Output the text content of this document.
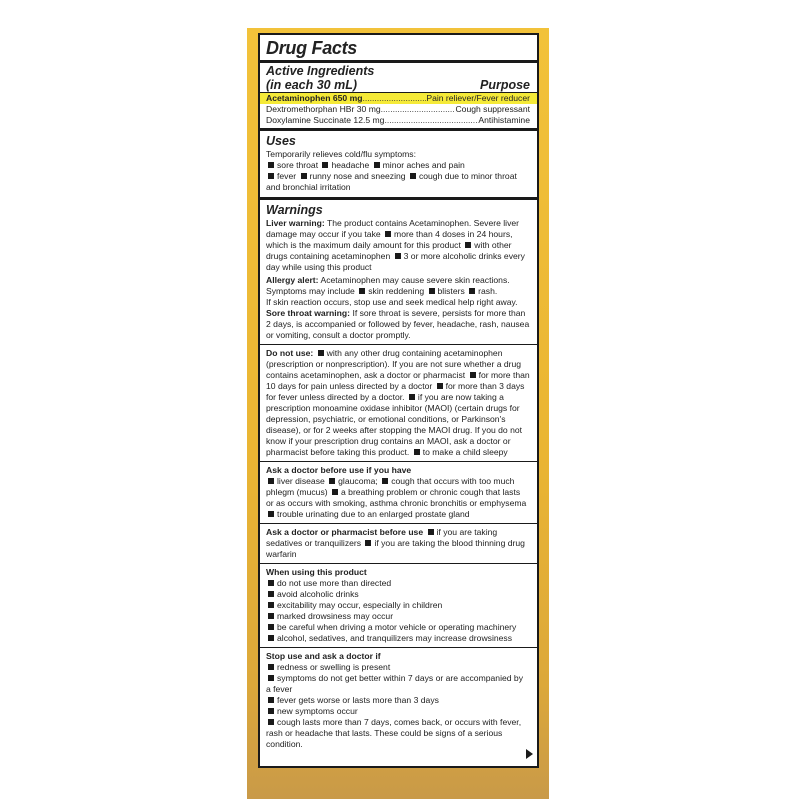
Drug Facts
Active Ingredients
(in each 30 mL)	Purpose
Acetaminophen 650 mg .....	Pain reliever/Fever reducer
Dextromethorphan HBr 30 mg .....	Cough suppressant
Doxylamine Succinate 12.5 mg .....	Antihistamine
Uses
Temporarily relieves cold/flu symptoms:
sore throat headache minor aches and pain
fever runny nose and sneezing cough due to minor throat
and bronchial irritation
Warnings
Liver warning: The product contains Acetaminophen. Severe liver damage may occur if you take more than 4 doses in 24 hours, which is the maximum daily amount for this product with other drugs containing acetaminophen 3 or more alcoholic drinks every day while using this product
Allergy alert: Acetaminophen may cause severe skin reactions. Symptoms may include skin reddening blisters rash.
If skin reaction occurs, stop use and seek medical help right away.
Sore throat warning: If sore throat is severe, persists for more than 2 days, is accompanied or followed by fever, headache, rash, nausea or vomiting, consult a doctor promptly.
Do not use: with any other drug containing acetaminophen (prescription or nonprescription). If you are not sure whether a drug contains acetaminophen, ask a doctor or pharmacist for more than 10 days for pain unless directed by a doctor for more than 3 days for fever unless directed by a doctor. if you are now taking a prescription monoamine oxidase inhibitor (MAOI) (certain drugs for depression, psychiatric, or emotional conditions, or Parkinson's disease), or for 2 weeks after stopping the MAOI drug. If you do not know if your prescription drug contains an MAOI, ask a doctor or pharmacist before taking this product. to make a child sleepy
Ask a doctor before use if you have
liver disease glaucoma; cough that occurs with too much phlegm (mucus) a breathing problem or chronic cough that lasts or as occurs with smoking, asthma chronic bronchitis or emphysema
trouble urinating due to an enlarged prostate gland
Ask a doctor or pharmacist before use if you are taking sedatives or tranquilizers if you are taking the blood thinning drug warfarin
When using this product
do not use more than directed
avoid alcoholic drinks
excitability may occur, especially in children
marked drowsiness may occur
be careful when driving a motor vehicle or operating machinery
alcohol, sedatives, and tranquilizers may increase drowsiness
Stop use and ask a doctor if
redness or swelling is present
symptoms do not get better within 7 days or are accompanied by a fever
fever gets worse or lasts more than 3 days
new symptoms occur
cough lasts more than 7 days, comes back, or occurs with fever, rash or headache that lasts. These could be signs of a serious condition.
